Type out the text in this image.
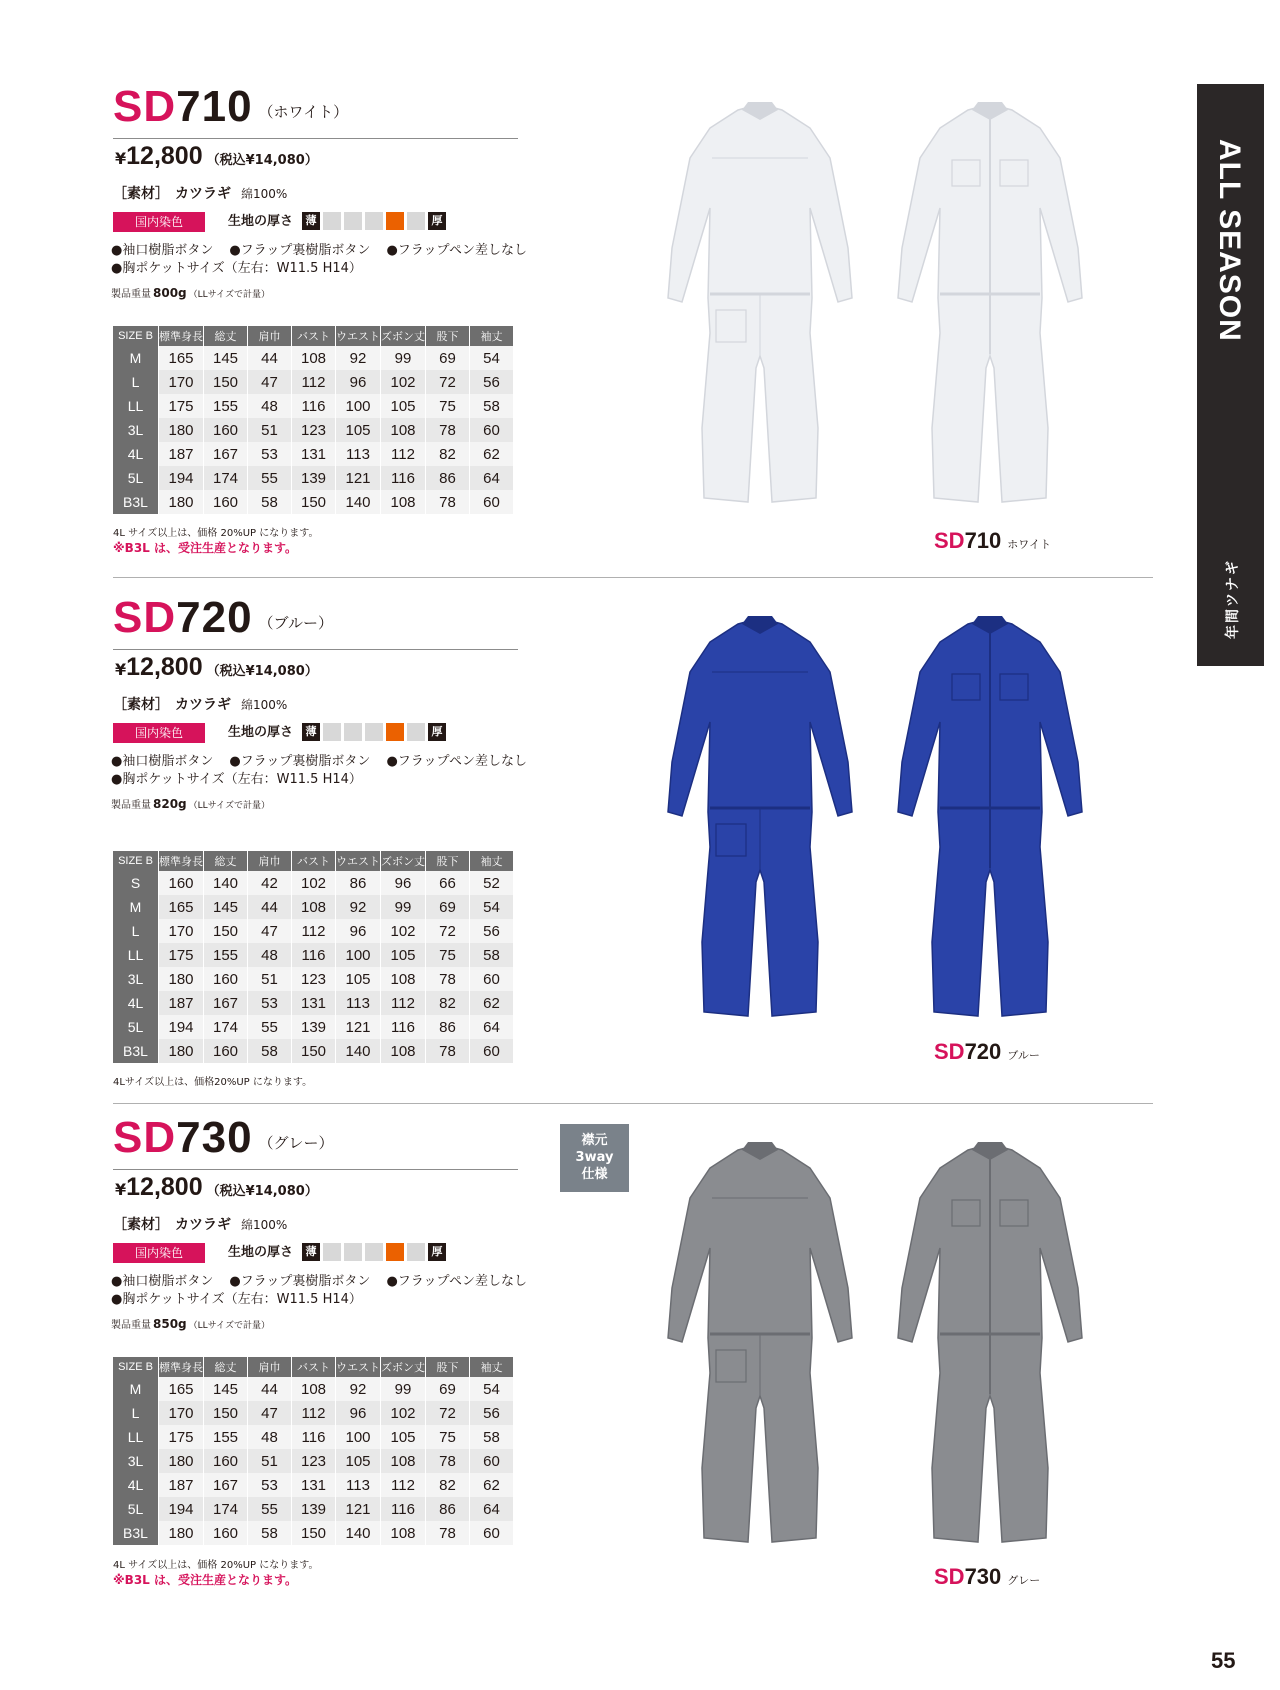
ALL SEASON
年間ツナギ
SD710 （ホワイト）
¥12,800 （税込¥14,080）
［素材］ カツラギ 綿100%
国内染色	生地の厚さ	薄	厚
●袖口樹脂ボタン ●フラップ裏樹脂ボタン ●フラップペン差しなし
●胸ポケットサイズ（左右：W11.5 H14）
製品重量 800g （LLサイズで計量）
SIZE B	標準身長	総丈	肩巾	バスト	ウエスト	ズボン丈	股下	袖丈
M	165	145	44	108	92	99	69	54
L	170	150	47	112	96	102	72	56
LL	175	155	48	116	100	105	75	58
3L	180	160	51	123	105	108	78	60
4L	187	167	53	131	113	112	82	62
5L	194	174	55	139	121	116	86	64
B3L	180	160	58	150	140	108	78	60
4L サイズ以上は、価格 20%UP になります。
※B3L は、受注生産となります。	SD710 ホワイト
SD720 （ブルー）
¥12,800 （税込¥14,080）
［素材］ カツラギ 綿100%
国内染色	生地の厚さ	薄	厚
●袖口樹脂ボタン ●フラップ裏樹脂ボタン ●フラップペン差しなし
●胸ポケットサイズ（左右：W11.5 H14）
製品重量 820g （LLサイズで計量）
SIZE B	標準身長	総丈	肩巾	バスト	ウエスト	ズボン丈	股下	袖丈
S	160	140	42	102	86	96	66	52
M	165	145	44	108	92	99	69	54
L	170	150	47	112	96	102	72	56
LL	175	155	48	116	100	105	75	58
3L	180	160	51	123	105	108	78	60
4L	187	167	53	131	113	112	82	62
5L	194	174	55	139	121	116	86	64
B3L	180	160	58	150	140	108	78	60
4Lサイズ以上は、価格20%UP になります。
SD720 ブルー
SD730 （グレー）
¥12,800 （税込¥14,080）
［素材］ カツラギ 綿100%
国内染色	生地の厚さ	薄	厚
●袖口樹脂ボタン ●フラップ裏樹脂ボタン ●フラップペン差しなし
●胸ポケットサイズ（左右：W11.5 H14）
製品重量 850g （LLサイズで計量）
襟元
3way
仕様
SIZE B	標準身長	総丈	肩巾	バスト	ウエスト	ズボン丈	股下	袖丈
M	165	145	44	108	92	99	69	54
L	170	150	47	112	96	102	72	56
LL	175	155	48	116	100	105	75	58
3L	180	160	51	123	105	108	78	60
4L	187	167	53	131	113	112	82	62
5L	194	174	55	139	121	116	86	64
B3L	180	160	58	150	140	108	78	60
4L サイズ以上は、価格 20%UP になります。
※B3L は、受注生産となります。	SD730 グレー
55
